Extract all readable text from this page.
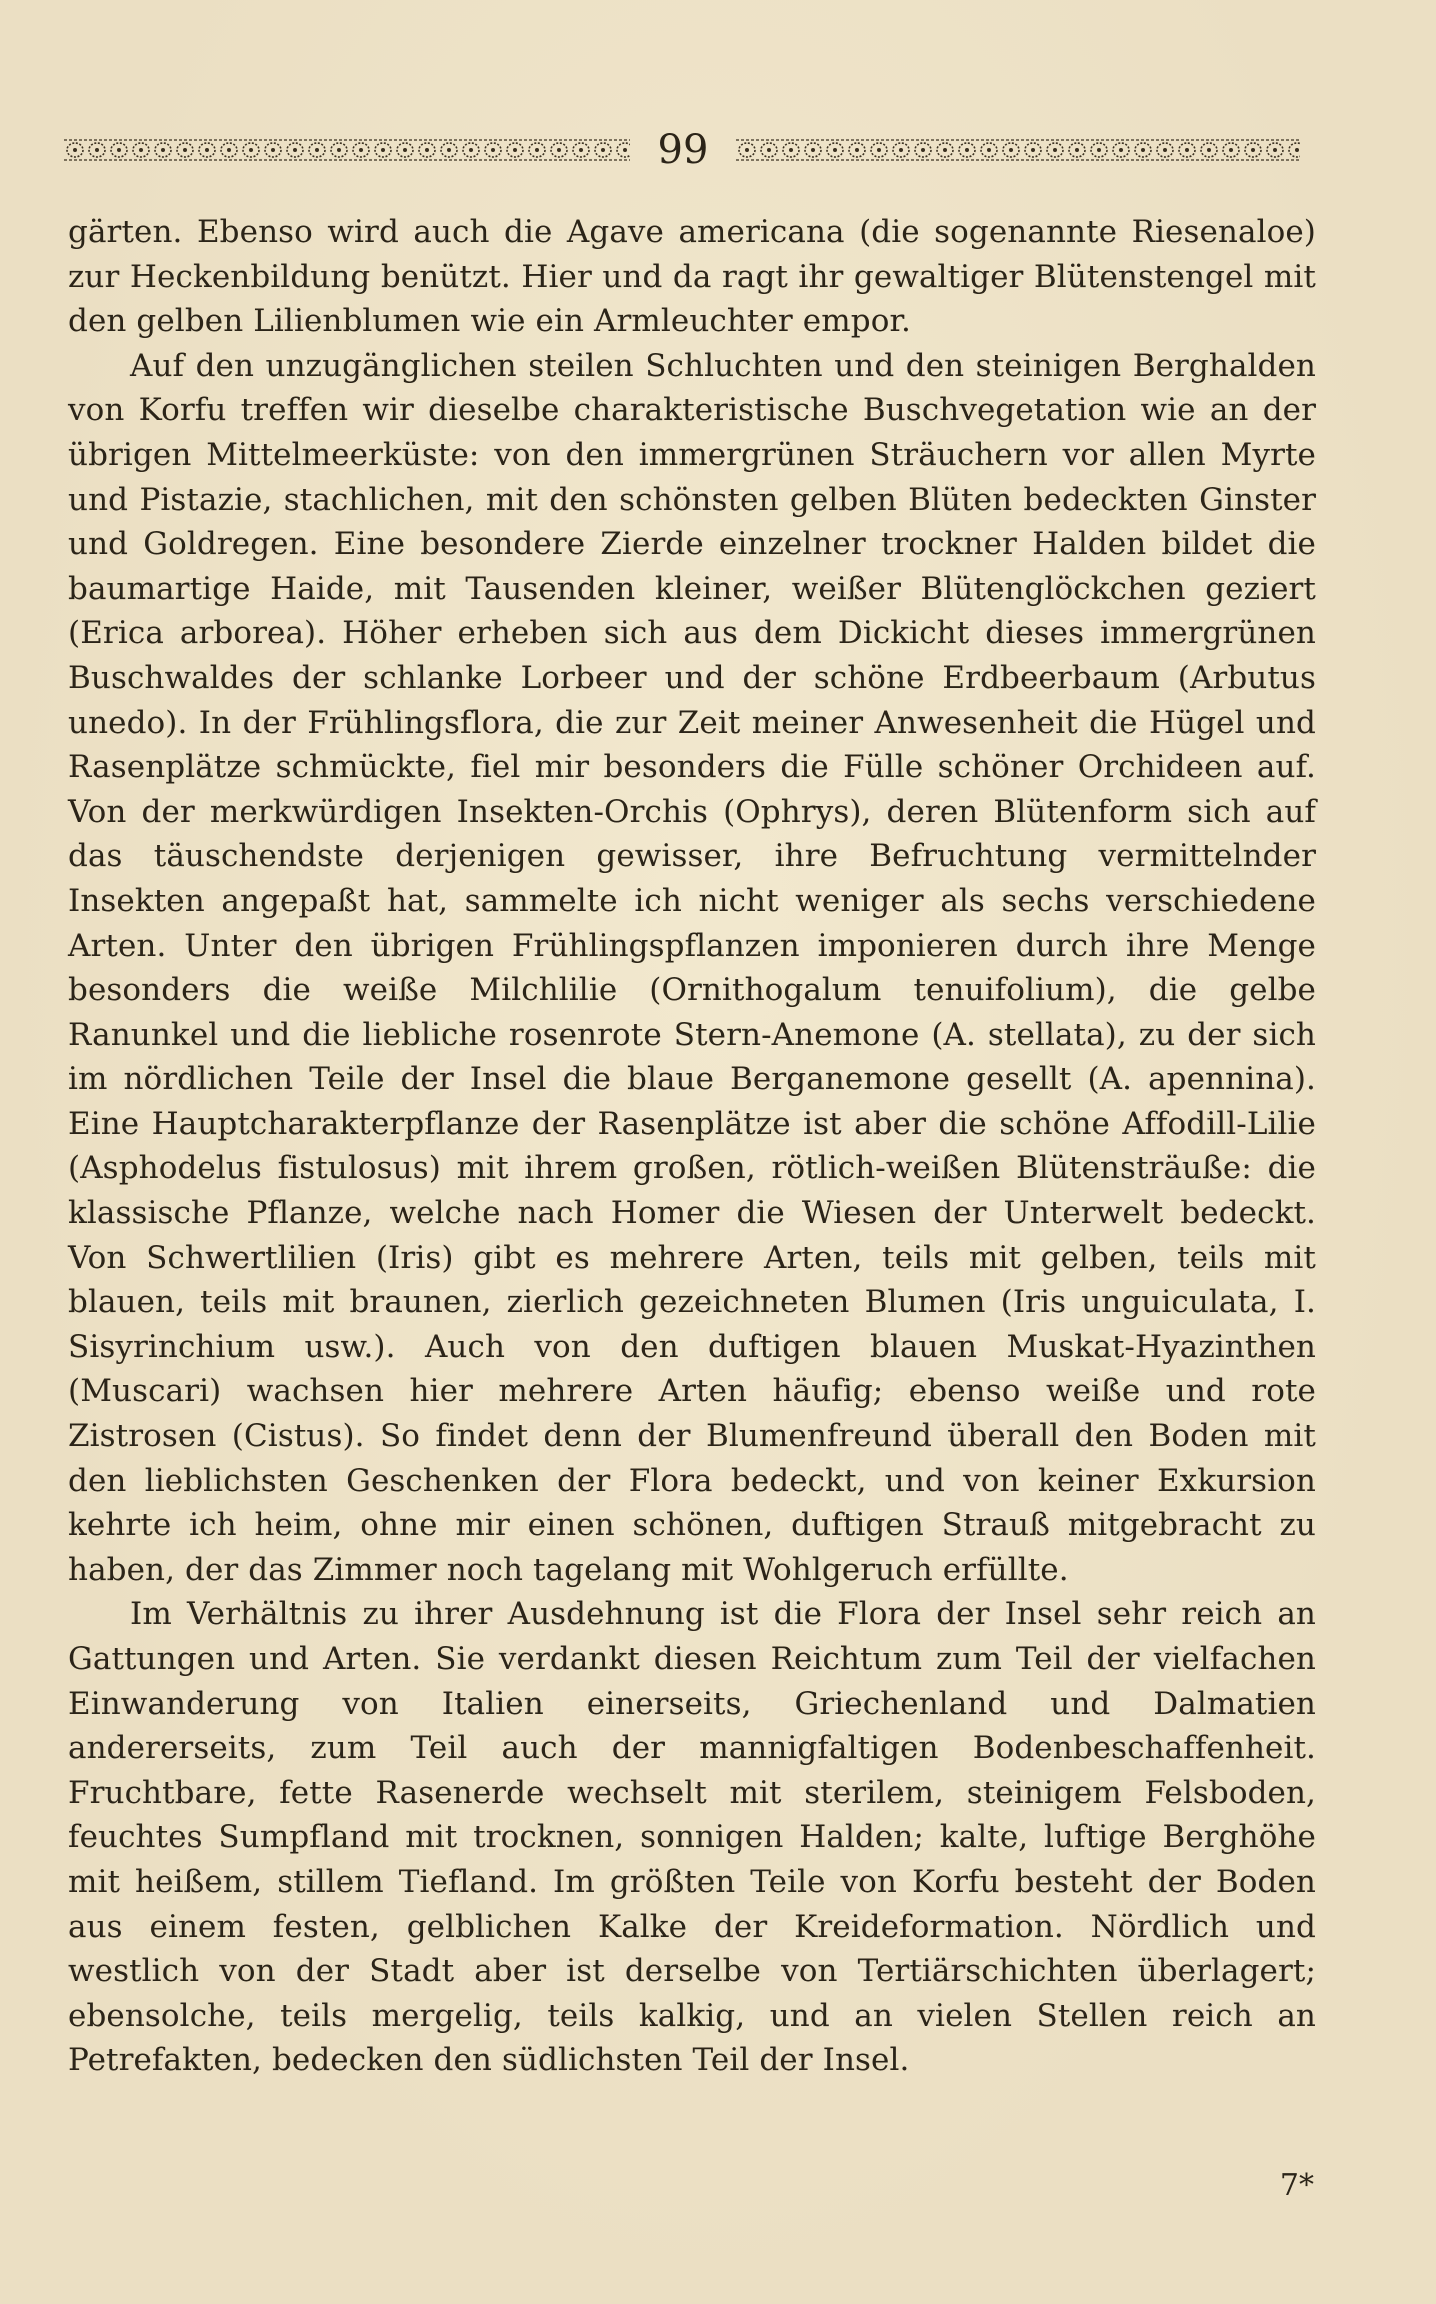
99

gärten. Ebenso wird auch die Agave americana (die sogenannte Riesenaloe) zur Heckenbildung benützt. Hier und da ragt ihr gewaltiger Blütenstengel mit den gelben Lilienblumen wie ein Armleuchter empor.

Auf den unzugänglichen steilen Schluchten und den steinigen Berghalden von Korfu treffen wir dieselbe charakteristische Buschvegetation wie an der übrigen Mittelmeerküste: von den immergrünen Sträuchern vor allen Myrte und Pistazie, stachlichen, mit den schönsten gelben Blüten bedeckten Ginster und Goldregen. Eine besondere Zierde einzelner trockner Halden bildet die baumartige Haide, mit Tausenden kleiner, weißer Blütenglöckchen geziert (Erica arborea). Höher erheben sich aus dem Dickicht dieses immergrünen Buschwaldes der schlanke Lorbeer und der schöne Erdbeerbaum (Arbutus unedo). In der Frühlingsflora, die zur Zeit meiner Anwesenheit die Hügel und Rasenplätze schmückte, fiel mir besonders die Fülle schöner Orchideen auf. Von der merkwürdigen Insekten-Orchis (Ophrys), deren Blütenform sich auf das täuschendste derjenigen gewisser, ihre Befruchtung vermittelnder Insekten angepaßt hat, sammelte ich nicht weniger als sechs verschiedene Arten. Unter den übrigen Frühlingspflanzen imponieren durch ihre Menge besonders die weiße Milchlilie (Ornithogalum tenuifolium), die gelbe Ranunkel und die liebliche rosenrote Stern-Anemone (A. stellata), zu der sich im nördlichen Teile der Insel die blaue Berganemone gesellt (A. apennina). Eine Hauptcharakterpflanze der Rasenplätze ist aber die schöne Affodill-Lilie (Asphodelus fistulosus) mit ihrem großen, rötlich-weißen Blütensträuße: die klassische Pflanze, welche nach Homer die Wiesen der Unterwelt bedeckt. Von Schwertlilien (Iris) gibt es mehrere Arten, teils mit gelben, teils mit blauen, teils mit braunen, zierlich gezeichneten Blumen (Iris unguiculata, I. Sisyrinchium usw.). Auch von den duftigen blauen Muskat-Hyazinthen (Muscari) wachsen hier mehrere Arten häufig; ebenso weiße und rote Zistrosen (Cistus). So findet denn der Blumenfreund überall den Boden mit den lieblichsten Geschenken der Flora bedeckt, und von keiner Exkursion kehrte ich heim, ohne mir einen schönen, duftigen Strauß mitgebracht zu haben, der das Zimmer noch tagelang mit Wohlgeruch erfüllte.

Im Verhältnis zu ihrer Ausdehnung ist die Flora der Insel sehr reich an Gattungen und Arten. Sie verdankt diesen Reichtum zum Teil der vielfachen Einwanderung von Italien einerseits, Griechenland und Dalmatien andererseits, zum Teil auch der mannigfaltigen Bodenbeschaffenheit. Fruchtbare, fette Rasenerde wechselt mit sterilem, steinigem Felsboden, feuchtes Sumpfland mit trocknen, sonnigen Halden; kalte, luftige Berghöhe mit heißem, stillem Tiefland. Im größten Teile von Korfu besteht der Boden aus einem festen, gelblichen Kalke der Kreideformation. Nördlich und westlich von der Stadt aber ist derselbe von Tertiärschichten überlagert; ebensolche, teils mergelig, teils kalkig, und an vielen Stellen reich an Petrefakten, bedecken den südlichsten Teil der Insel.

7*
